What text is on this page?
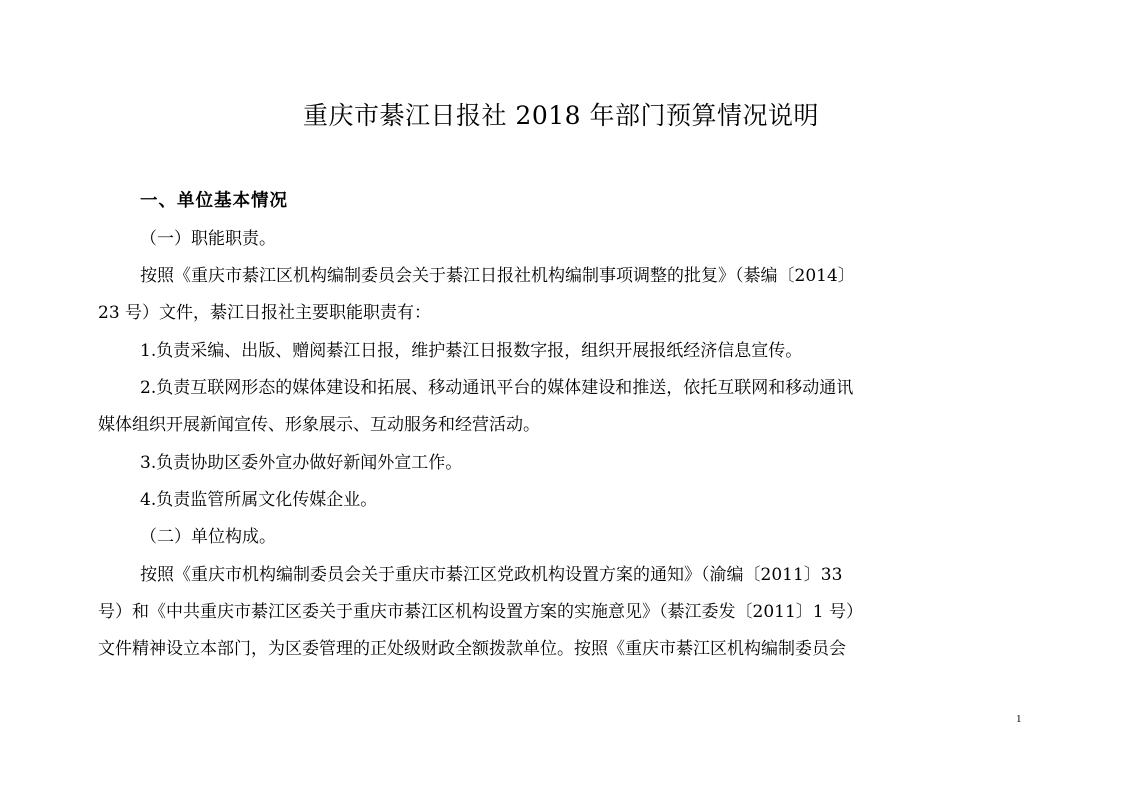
重庆市綦江日报社 2018 年部门预算情况说明
一、单位基本情况
（一）职能职责。
按照《重庆市綦江区机构编制委员会关于綦江日报社机构编制事项调整的批复》（綦编〔2014〕
23 号）文件，綦江日报社主要职能职责有：
1.负责采编、出版、赠阅綦江日报，维护綦江日报数字报，组织开展报纸经济信息宣传。
2.负责互联网形态的媒体建设和拓展、移动通讯平台的媒体建设和推送，依托互联网和移动通讯
媒体组织开展新闻宣传、形象展示、互动服务和经营活动。
3.负责协助区委外宣办做好新闻外宣工作。
4.负责监管所属文化传媒企业。
（二）单位构成。
按照《重庆市机构编制委员会关于重庆市綦江区党政机构设置方案的通知》（渝编〔2011〕33
号）和《中共重庆市綦江区委关于重庆市綦江区机构设置方案的实施意见》（綦江委发〔2011〕1 号）
文件精神设立本部门，为区委管理的正处级财政全额拨款单位。按照《重庆市綦江区机构编制委员会
1
